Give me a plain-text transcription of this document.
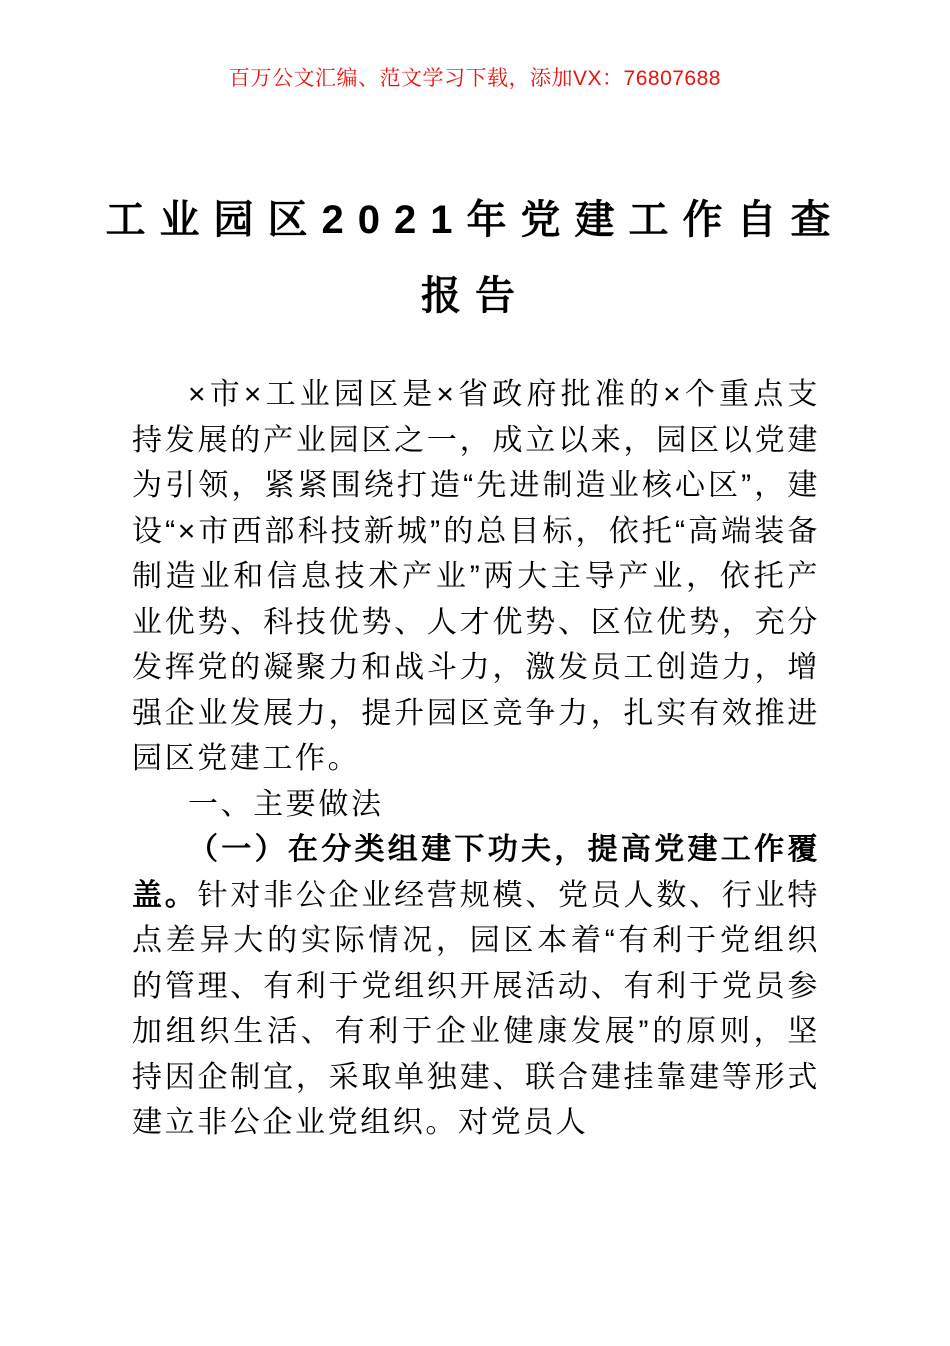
百万公文汇编、范文学习下载，添加VX：76807688
工业园区2021年党建工作自查
报告

×市×工业园区是×省政府批准的×个重点支持发展的产业园区之一，成立以来，园区以党建为引领，紧紧围绕打造“先进制造业核心区”，建设“×市西部科技新城”的总目标，依托“高端装备制造业和信息技术产业”两大主导产业，依托产业优势、科技优势、人才优势、区位优势，充分发挥党的凝聚力和战斗力，激发员工创造力，增强企业发展力，提升园区竞争力，扎实有效推进园区党建工作。

一、主要做法

（一）在分类组建下功夫，提高党建工作覆盖。针对非公企业经营规模、党员人数、行业特点差异大的实际情况，园区本着“有利于党组织的管理、有利于党组织开展活动、有利于党员参加组织生活、有利于企业健康发展”的原则，坚持因企制宜，采取单独建、联合建挂靠建等形式建立非公企业党组织。对党员人
